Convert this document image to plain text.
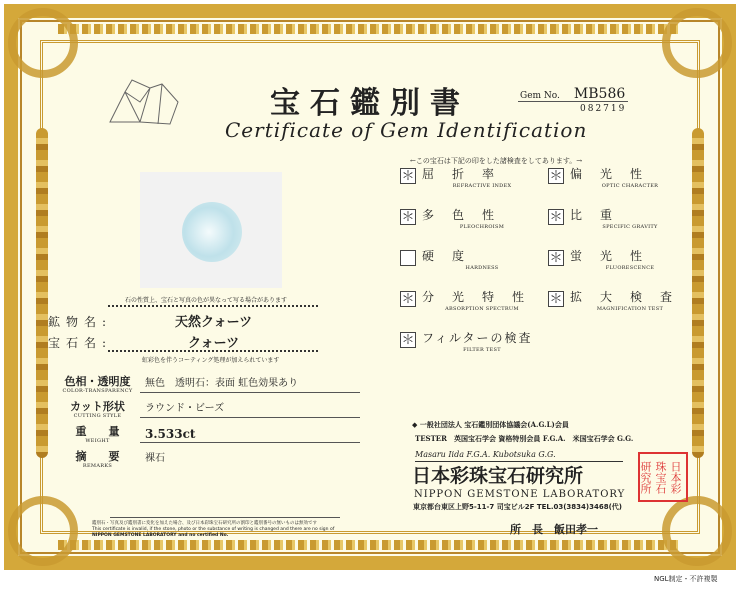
宝石鑑別書
Certificate of Gem Identification
Gem No. MB586
082719
石の性質上、宝石と写真の色が異なって写る場合があります
鉱物名:	天然クォーツ
宝石名:	クォーツ
虹彩色を伴うコーティング処理が加えられています
色相・透明度
COLOR-TRANSPARENCY
無色　透明石：表面 虹色効果あり
カット形状
CUTTING STYLE
ラウンド・ビーズ
重　　量
WEIGHT	3.533ct
摘　　要
REMARKS
裸石
←この宝石は下記の印をした諸検査をしてあります。→
＊ 屈折率
REFRACTIVE INDEX
＊ 偏光性
OPTIC CHARACTER
＊ 多色性
PLEOCHROISM
＊ 比重
SPECIFIC GRAVITY
硬度
HARDNESS
＊ 蛍光性
FLUORESCENCE
＊ 分光特性
ABSORPTION SPECTRUM
＊ 拡大検査
MAGNIFICATION TEST
＊ フィルターの検査
FILTER TEST
◆ 一般社団法人 宝石鑑別団体協議会(A.G.L)会員
TESTER　英国宝石学会 資格特別会員 F.G.A.　米国宝石学会 G.G.
Masaru Iida F.G.A. Kubotsuka G.G.
日本彩珠宝石研究所
NIPPON GEMSTONE LABORATORY
東京都台東区上野5-11-7 司宝ビル2F TEL.03(3834)3468(代)
所　長　飯田孝一
日本彩珠宝石研究所
鑑別石・写真及び鑑別書に変化を加えた場合、及び日本彩珠宝石研究所の割印と鑑別番号の無いものは無効です
This certificate is invalid, if the stone, photo or the substance of writing is changed and there are no sign of
NIPPON GEMSTONE LABORATORY and no certified No.
NGL制定・不許複製
